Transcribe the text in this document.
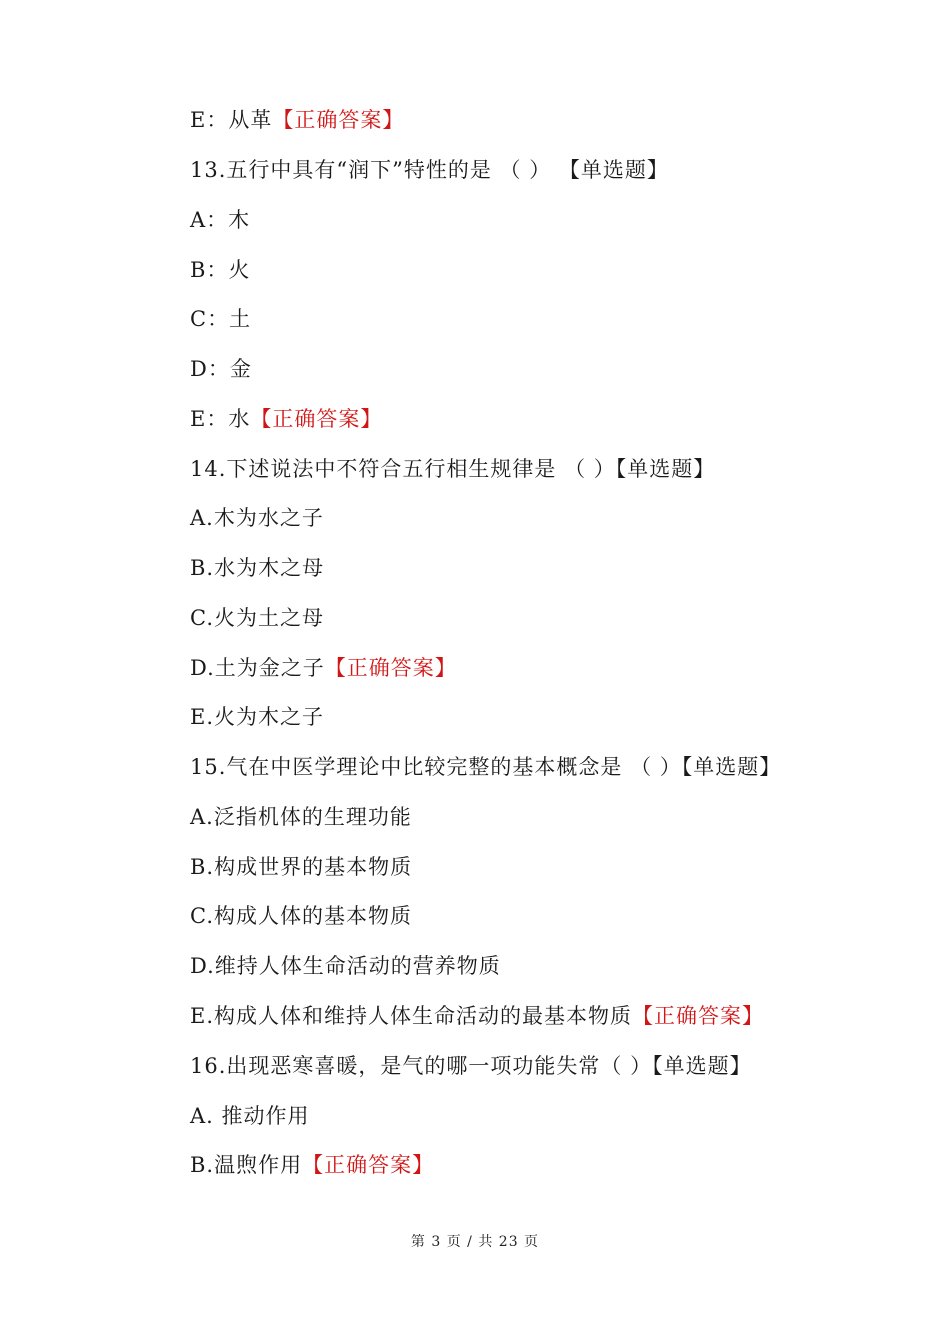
E：从革【正确答案】
13.五行中具有“润下”特性的是 （ ） 【单选题】
A：木
B：火
C：土
D：金
E：水【正确答案】
14.下述说法中不符合五行相生规律是 （ ）【单选题】
A.木为水之子
B.水为木之母
C.火为土之母
D.土为金之子【正确答案】
E.火为木之子
15.气在中医学理论中比较完整的基本概念是 （ ）【单选题】
A.泛指机体的生理功能
B.构成世界的基本物质
C.构成人体的基本物质
D.维持人体生命活动的营养物质
E.构成人体和维持人体生命活动的最基本物质【正确答案】
16.出现恶寒喜暖，是气的哪一项功能失常（ ）【单选题】
A. 推动作用
B.温煦作用【正确答案】
第 3 页 / 共 23 页
